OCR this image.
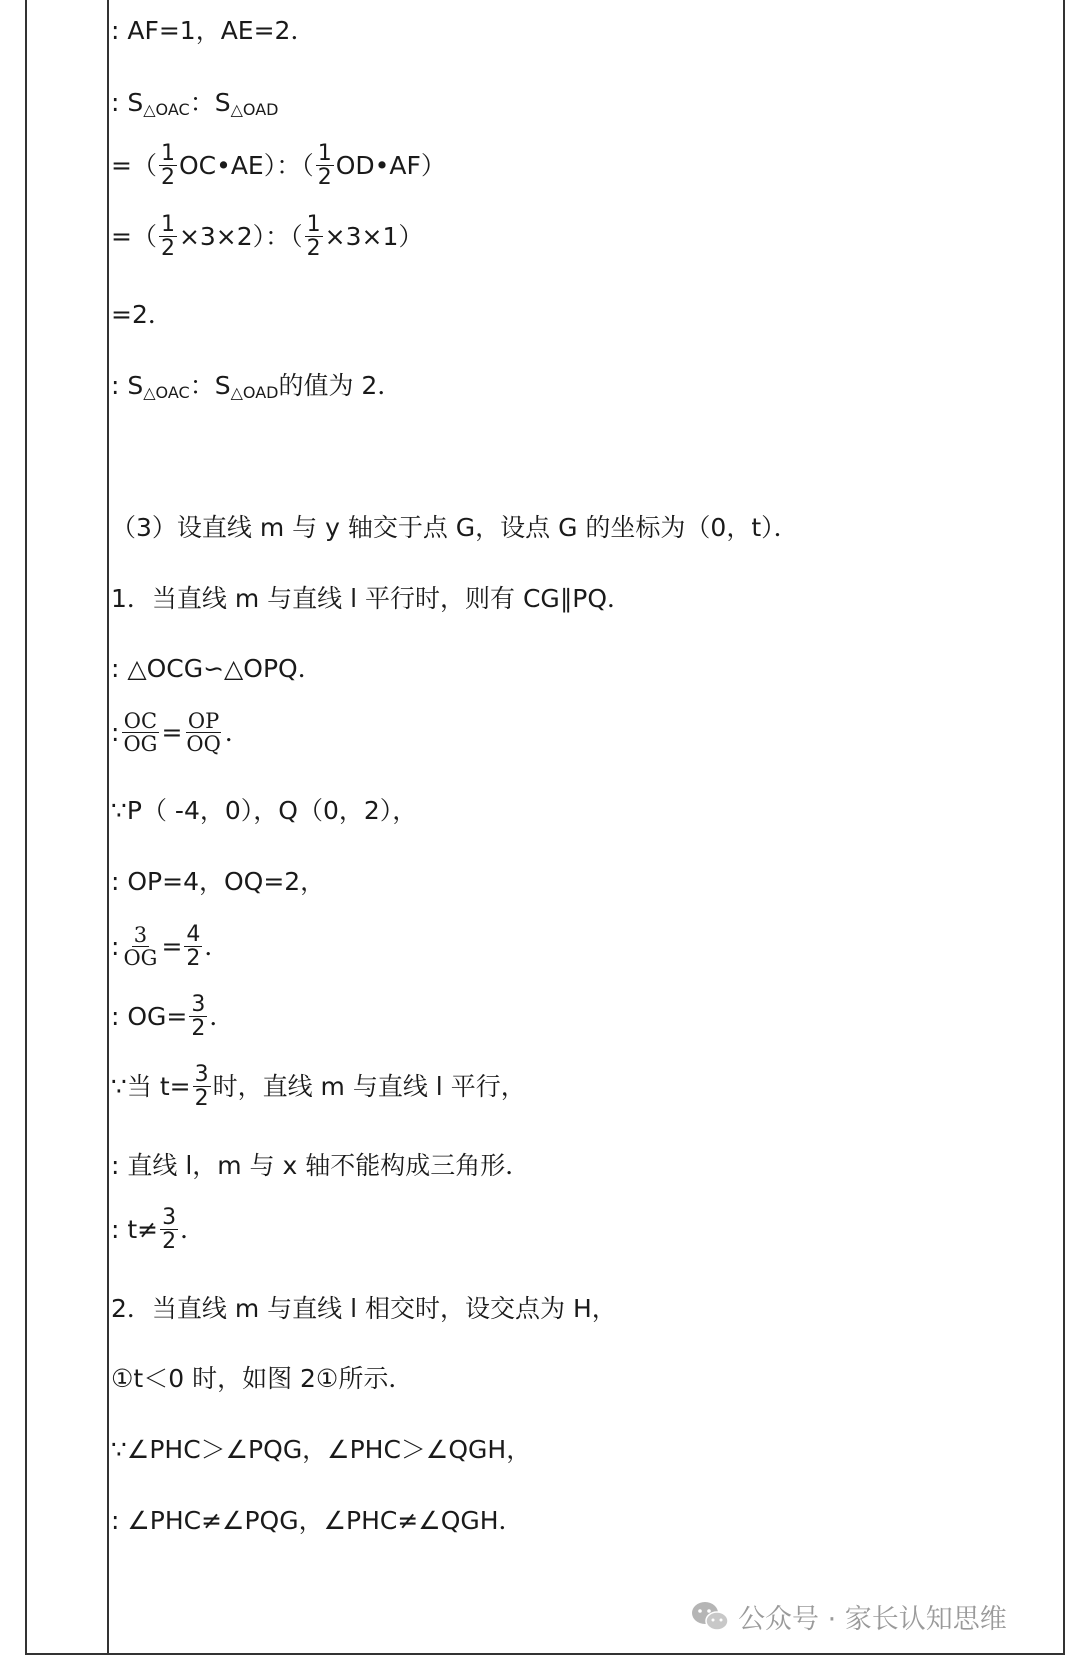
: AF=1，AE=2．
: S △OAC ：S △OAD
=（ $\frac{1}{2}$ OC•AE）：（ $\frac{1}{2}$ OD•AF）
=（ $\frac{1}{2} \times 3\times 2$）：（ $\frac{1}{2} \times 3\times 1$）
=2．
: S △OAC ：S △OAD 的值为 2．
（3）设直线 m 与 y 轴交于点 G，设点 G 的坐标为（0，t）．
1．当直线 m 与直线 l 平行时，则有 CG∥PQ．
: △OCG∽△OPQ．
: $\frac{OC}{OG} = \frac{OP}{OQ}$ ．
∵P（ -4，0），Q（0，2），
: OP=4，OQ=2，
: $\frac{3}{OG} = \frac{4}{2}$ ．
: $OG= \frac{3}{2}$ ．
∵当 $t= \frac{3}{2}$ 时，直线 m 与直线 l 平行，
: 直线 l，m 与 x 轴不能构成三角形．
: $t\ne \frac{3}{2}$ ．
2．当直线 m 与直线 l 相交时，设交点为 H，
①t＜0 时，如图 2①所示．
∵∠PHC＞∠PQG，∠PHC＞∠QGH，
: ∠PHC≠∠PQG，∠PHC≠∠QGH．
公众号 · 家长认知思维
